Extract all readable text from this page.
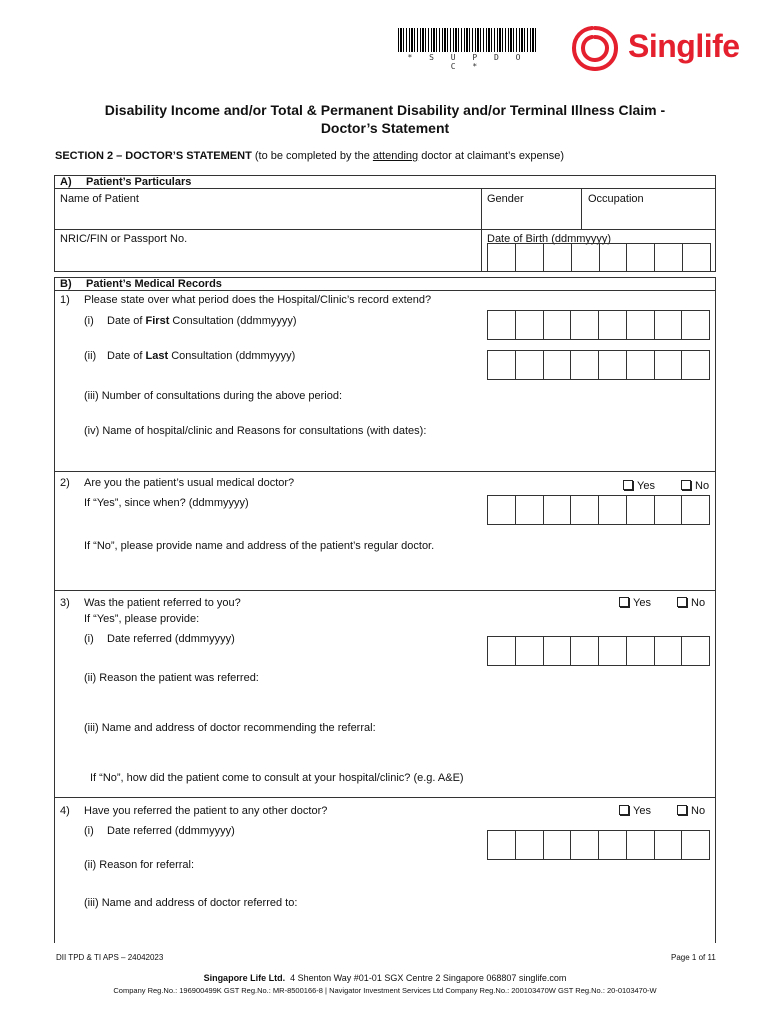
* S U P D O C *
Singlife
Disability Income and/or Total & Permanent Disability and/or Terminal Illness Claim -
Doctor’s Statement
SECTION 2 – DOCTOR’S STATEMENT (to be completed by the attending doctor at claimant’s expense)
A) Patient’s Particulars
Name of Patient	Gender	Occupation
NRIC/FIN or Passport No.	Date of Birth (ddmmyyyy)
B) Patient’s Medical Records
1) Please state over what period does the Hospital/Clinic’s record extend?
(i) Date of First Consultation (ddmmyyyy)
(ii) Date of Last Consultation (ddmmyyyy)
(iii) Number of consultations during the above period:
(iv) Name of hospital/clinic and Reasons for consultations (with dates):
2) Are you the patient’s usual medical doctor?	Yes	No
If “Yes”, since when? (ddmmyyyy)
If “No”, please provide name and address of the patient’s regular doctor.
3) Was the patient referred to you?	Yes	No
If “Yes”, please provide:
(i) Date referred (ddmmyyyy)
(ii) Reason the patient was referred:
(iii) Name and address of doctor recommending the referral:
If “No”, how did the patient come to consult at your hospital/clinic? (e.g. A&E)
4) Have you referred the patient to any other doctor?	Yes	No
(i) Date referred (ddmmyyyy)
(ii) Reason for referral:
(iii) Name and address of doctor referred to:
DII TPD & TI APS – 24042023	Page 1 of 11
Singapore Life Ltd. 4 Shenton Way #01-01 SGX Centre 2 Singapore 068807 singlife.com
Company Reg.No.: 196900499K GST Reg.No.: MR-8500166-8 | Navigator Investment Services Ltd Company Reg.No.: 200103470W GST Reg.No.: 20-0103470-W
